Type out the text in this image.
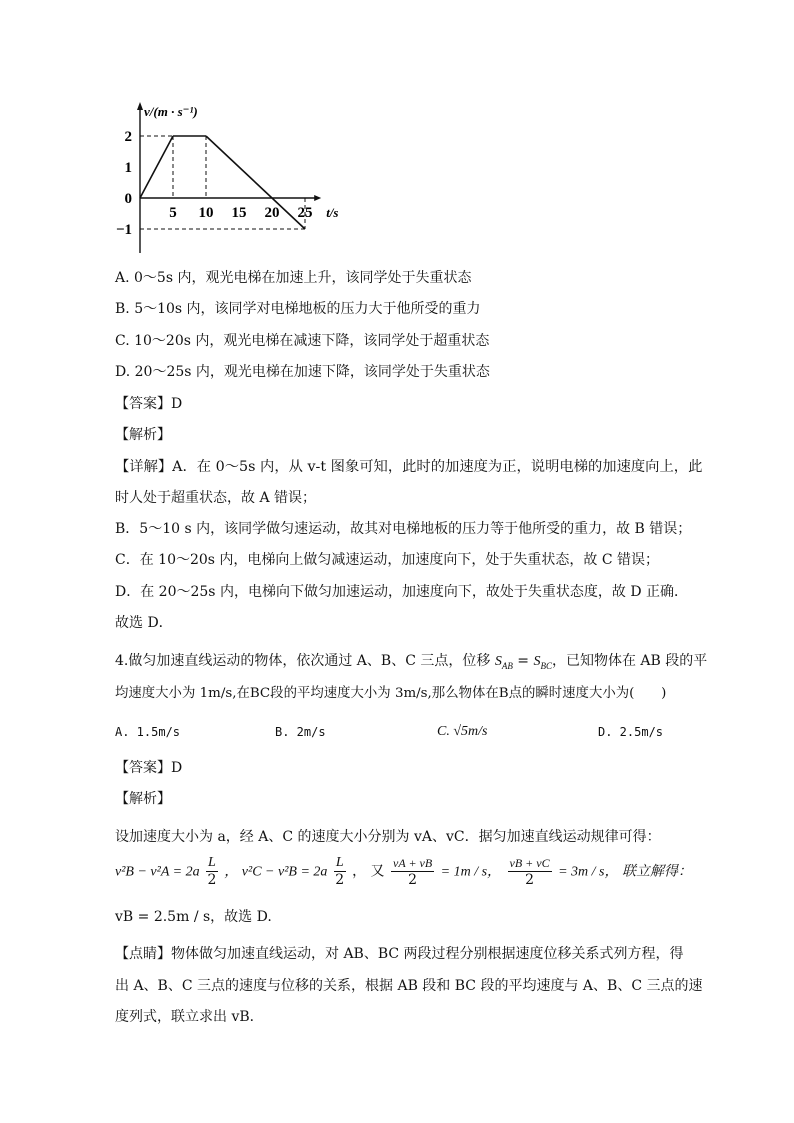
2
1
0
−1
5 10 15 20 25
v/(m · s⁻¹)
t/s
A. 0～5s 内，观光电梯在加速上升，该同学处于失重状态
B. 5～10s 内，该同学对电梯地板的压力大于他所受的重力
C. 10～20s 内，观光电梯在减速下降，该同学处于超重状态
D. 20～25s 内，观光电梯在加速下降，该同学处于失重状态
【答案】D
【解析】
【详解】A．在 0～5s 内，从 v-t 图象可知，此时的加速度为正，说明电梯的加速度向上，此
时人处于超重状态，故 A 错误；
B．5～10 s 内，该同学做匀速运动，故其对电梯地板的压力等于他所受的重力，故 B 错误；
C．在 10～20s 内，电梯向上做匀减速运动，加速度向下，处于失重状态，故 C 错误；
D．在 20～25s 内，电梯向下做匀加速运动，加速度向下，故处于失重状态度，故 D 正确．
故选 D．
4.做匀加速直线运动的物体，依次通过 A、B、C 三点，位移 $S_{AB} = S_{BC}$，已知物体在 AB 段的平
均速度大小为 1m/s,在BC段的平均速度大小为 3m/s,那么物体在B点的瞬时速度大小为(　　)
A. 1.5m/s	B. 2m/s	C. √5m/s	D. 2.5m/s
【答案】D
【解析】
设加速度大小为 a，经 A、C 的速度大小分别为 vA、vC．据匀加速直线运动规律可得：
$v^2B - v^2A = 2a \frac{L}{2}$ ， $v^2C - v^2B = 2a \frac{L}{2}$ ， 又 $\frac{vA + vB}{2} = 1m / s$， $\frac{vB + vC}{2} = 3m / s$， 联立解得：
vB = 2.5m / s，故选 D.
【点睛】物体做匀加速直线运动，对 AB、BC 两段过程分别根据速度位移关系式列方程，得
出 A、B、C 三点的速度与位移的关系，根据 AB 段和 BC 段的平均速度与 A、B、C 三点的速
度列式，联立求出 vB．
